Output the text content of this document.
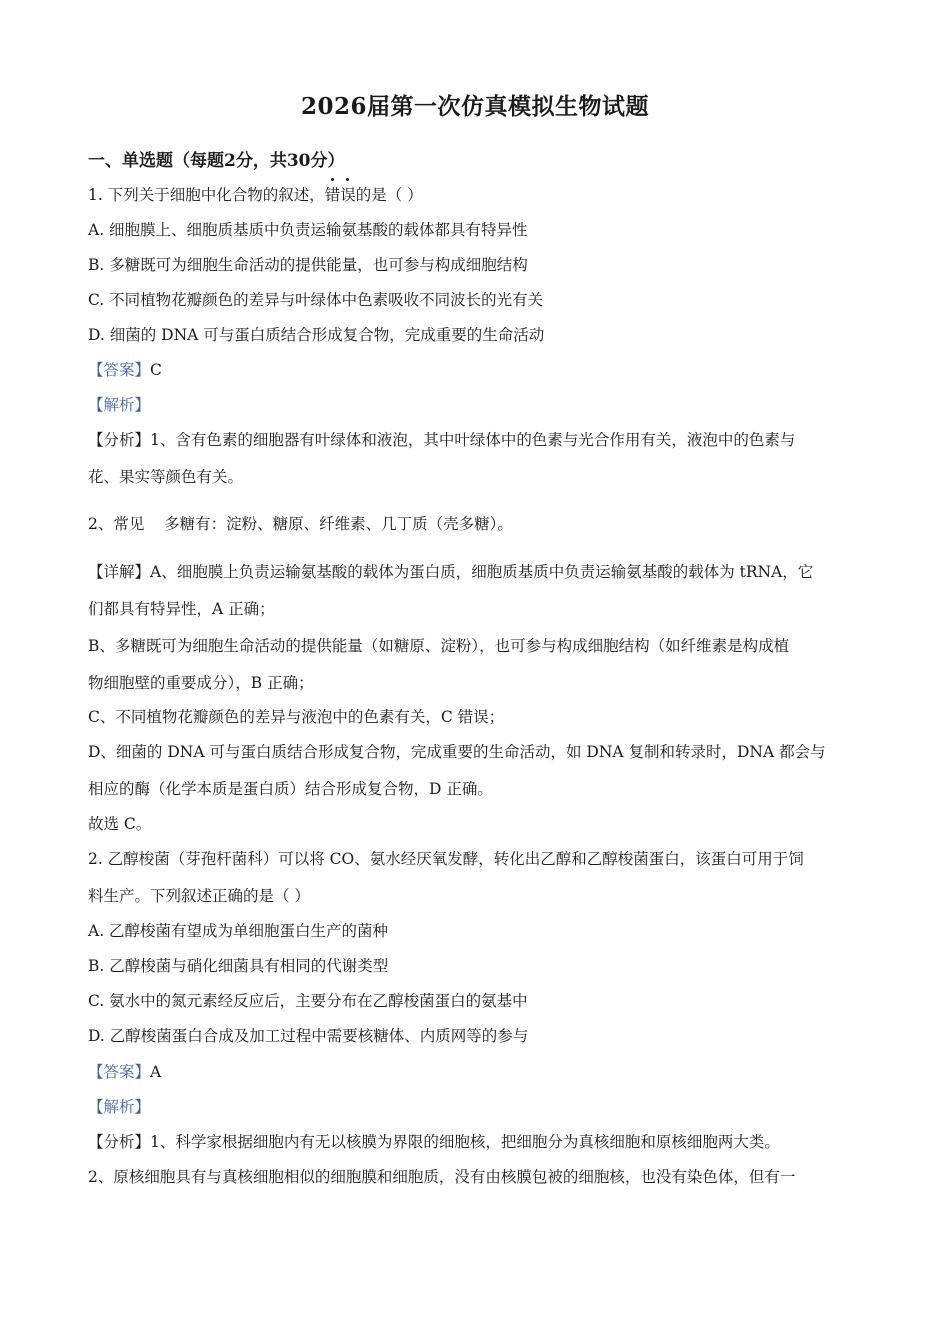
2026届第一次仿真模拟生物试题
一、单选题（每题2分，共30分）
1. 下列关于细胞中化合物的叙述，错误的是（ ）
A. 细胞膜上、细胞质基质中负责运输氨基酸的载体都具有特异性
B. 多糖既可为细胞生命活动的提供能量，也可参与构成细胞结构
C. 不同植物花瓣颜色的差异与叶绿体中色素吸收不同波长的光有关
D. 细菌的 DNA 可与蛋白质结合形成复合物，完成重要的生命活动
【答案】C
【解析】
【分析】1、含有色素的细胞器有叶绿体和液泡，其中叶绿体中的色素与光合作用有关，液泡中的色素与
花、果实等颜色有关。
2、常见    多糖有：淀粉、糖原、纤维素、几丁质（壳多糖）。
【详解】A、细胞膜上负责运输氨基酸的载体为蛋白质，细胞质基质中负责运输氨基酸的载体为 tRNA，它
们都具有特异性，A 正确；
B、多糖既可为细胞生命活动的提供能量（如糖原、淀粉），也可参与构成细胞结构（如纤维素是构成植
物细胞壁的重要成分），B 正确；
C、不同植物花瓣颜色的差异与液泡中的色素有关，C 错误；
D、细菌的 DNA 可与蛋白质结合形成复合物，完成重要的生命活动，如 DNA 复制和转录时，DNA 都会与
相应的酶（化学本质是蛋白质）结合形成复合物，D 正确。
故选 C。
2. 乙醇梭菌（芽孢杆菌科）可以将 CO、氨水经厌氧发酵，转化出乙醇和乙醇梭菌蛋白，该蛋白可用于饲
料生产。下列叙述正确的是（ ）
A. 乙醇梭菌有望成为单细胞蛋白生产的菌种
B. 乙醇梭菌与硝化细菌具有相同的代谢类型
C. 氨水中的氮元素经反应后，主要分布在乙醇梭菌蛋白的氨基中
D. 乙醇梭菌蛋白合成及加工过程中需要核糖体、内质网等的参与
【答案】A
【解析】
【分析】1、科学家根据细胞内有无以核膜为界限的细胞核，把细胞分为真核细胞和原核细胞两大类。
2、原核细胞具有与真核细胞相似的细胞膜和细胞质，没有由核膜包被的细胞核，也没有染色体，但有一
